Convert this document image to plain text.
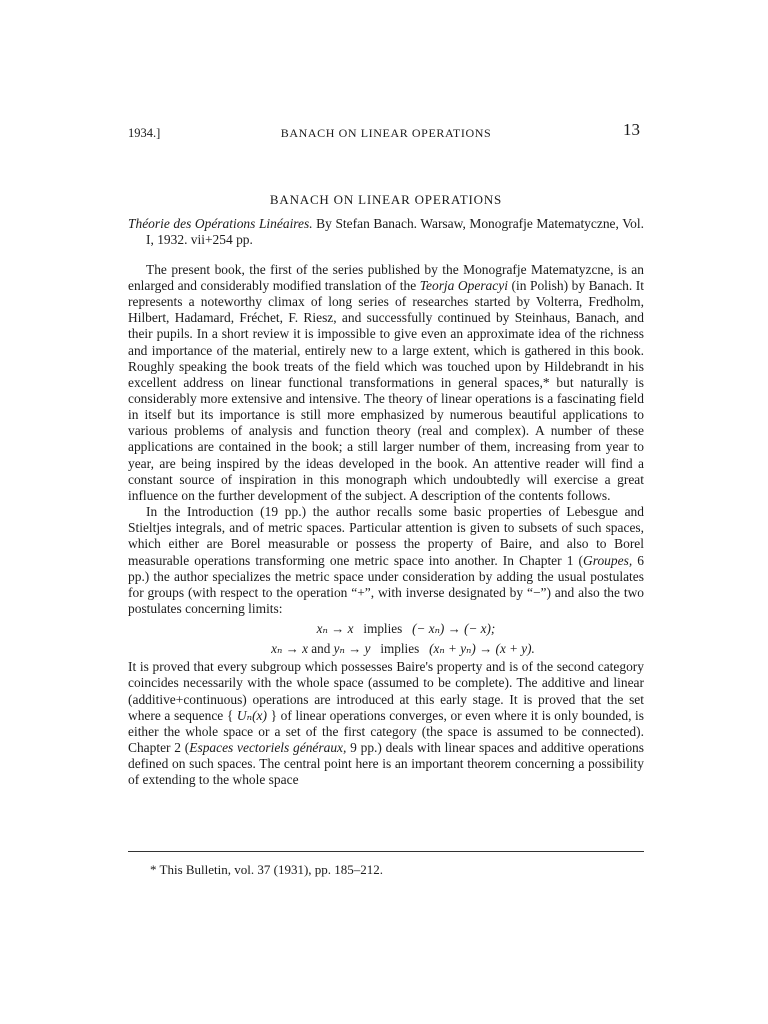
1934.]	BANACH ON LINEAR OPERATIONS	13
BANACH ON LINEAR OPERATIONS

Théorie des Opérations Linéaires. By Stefan Banach. Warsaw, Monografje Matematyczne, Vol. I, 1932. vii+254 pp.

The present book, the first of the series published by the Monografje Matematyzcne, is an enlarged and considerably modified translation of the Teorja Operacyi (in Polish) by Banach. It represents a noteworthy climax of long series of researches started by Volterra, Fredholm, Hilbert, Hadamard, Fréchet, F. Riesz, and successfully continued by Steinhaus, Banach, and their pupils. In a short review it is impossible to give even an approximate idea of the richness and importance of the material, entirely new to a large extent, which is gathered in this book. Roughly speaking the book treats of the field which was touched upon by Hildebrandt in his excellent address on linear functional transformations in general spaces,* but naturally is considerably more extensive and intensive. The theory of linear operations is a fascinating field in itself but its importance is still more emphasized by numerous beautiful applications to various problems of analysis and function theory (real and complex). A number of these applications are contained in the book; a still larger number of them, increasing from year to year, are being inspired by the ideas developed in the book. An attentive reader will find a constant source of inspiration in this monograph which undoubtedly will exercise a great influence on the further development of the subject. A description of the contents follows.

In the Introduction (19 pp.) the author recalls some basic properties of Lebesgue and Stieltjes integrals, and of metric spaces. Particular attention is given to subsets of such spaces, which either are Borel measurable or possess the property of Baire, and also to Borel measurable operations transforming one metric space into another. In Chapter 1 (Groupes, 6 pp.) the author specializes the metric space under consideration by adding the usual postulates for groups (with respect to the operation “+”, with inverse designated by “−”) and also the two postulates concerning limits:

xₙ → x implies (− xₙ) → (− x);
xₙ → x and yₙ → y implies (xₙ + yₙ) → (x + y).

It is proved that every subgroup which possesses Baire's property and is of the second category coincides necessarily with the whole space (assumed to be complete). The additive and linear (additive+continuous) operations are introduced at this early stage. It is proved that the set where a sequence { Uₙ(x) } of linear operations converges, or even where it is only bounded, is either the whole space or a set of the first category (the space is assumed to be connected). Chapter 2 (Espaces vectoriels généraux, 9 pp.) deals with linear spaces and additive operations defined on such spaces. The central point here is an important theorem concerning a possibility of extending to the whole space

* This Bulletin, vol. 37 (1931), pp. 185–212.
